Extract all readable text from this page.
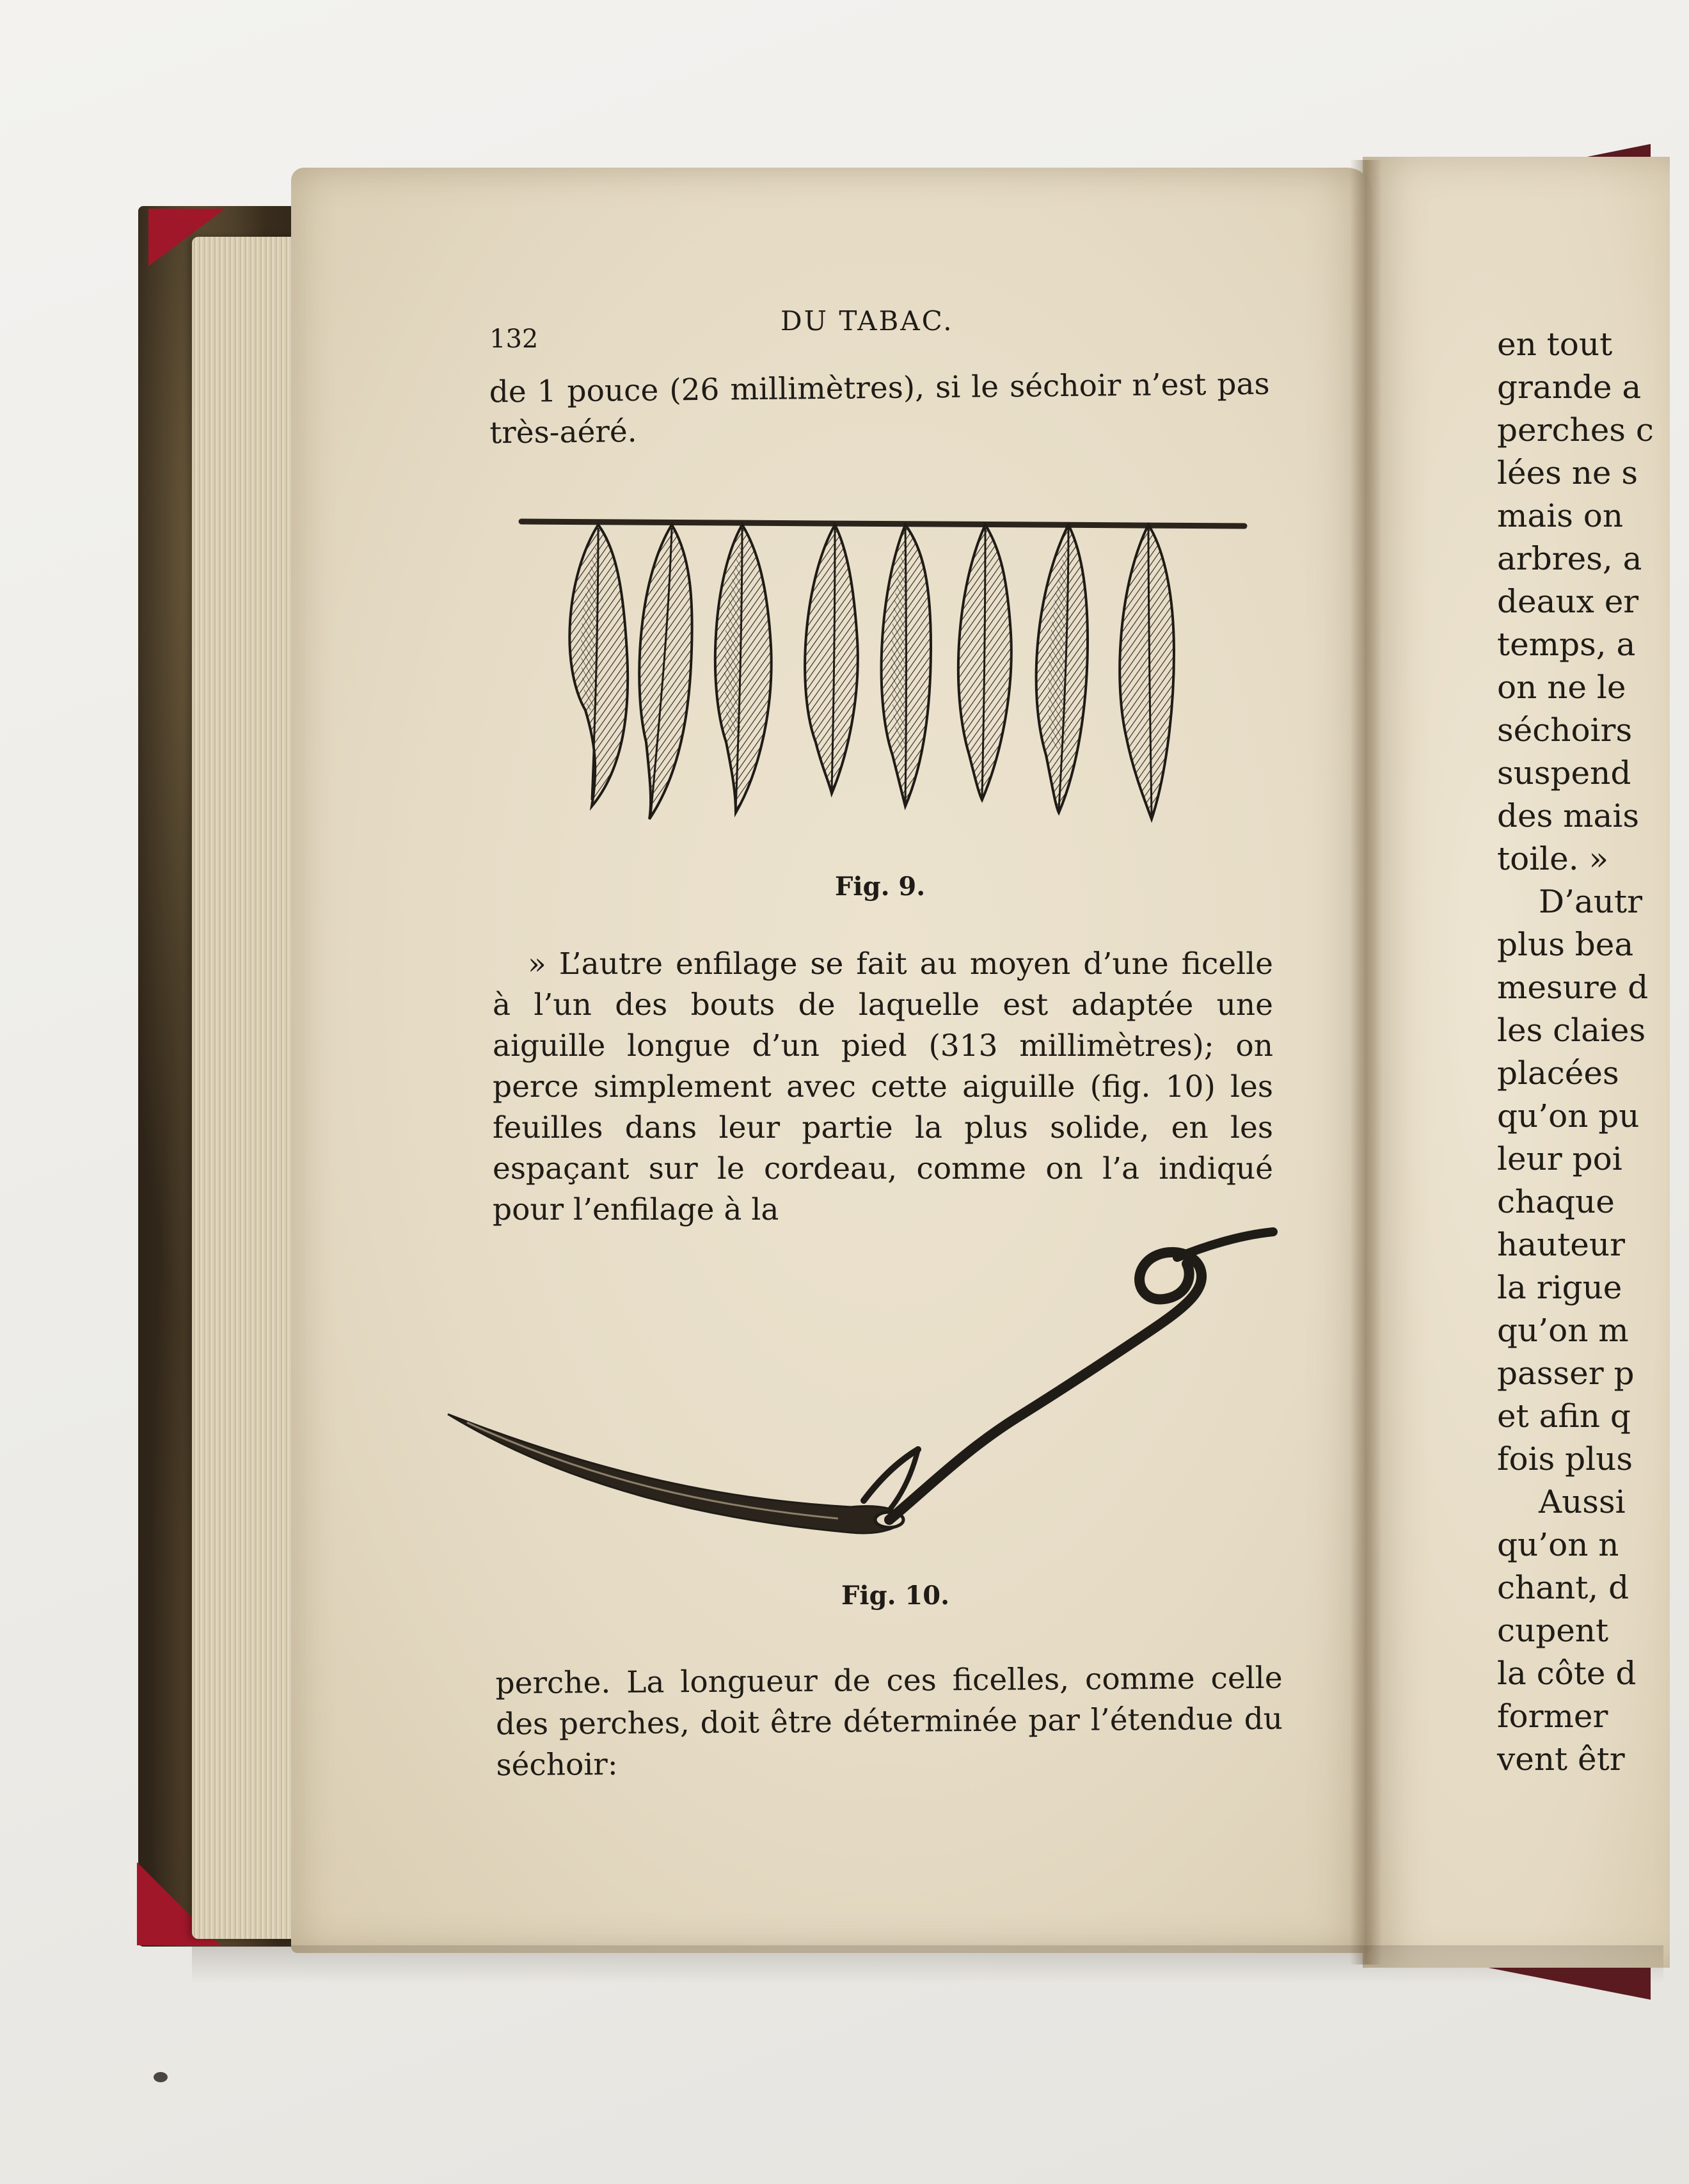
132
DU TABAC.
de 1 pouce (26 millimètres), si le séchoir n’est pas très-aéré.
Fig. 9.
» L’autre enfilage se fait au moyen d’une ficelle à l’un des bouts de laquelle est adaptée une aiguille longue d’un pied (313 millimètres); on perce simplement avec cette aiguille (fig. 10) les feuilles dans leur partie la plus solide, en les espaçant sur le cordeau, comme on l’a indiqué pour l’enfilage à la
Fig. 10.
perche. La longueur de ces ficelles, comme celle des perches, doit être déterminée par l’étendue du séchoir:
en tout
grande a
perches c
lées ne s
mais on
arbres, a
deaux er
temps, a
on ne le
séchoirs
suspend
des mais
toile. »
D’autr
plus bea
mesure d
les claies
placées
qu’on pu
leur poi
chaque
hauteur
la rigue
qu’on m
passer p
et afin q
fois plus
Aussi
qu’on n
chant, d
cupent
la côte d
former
vent êtr
